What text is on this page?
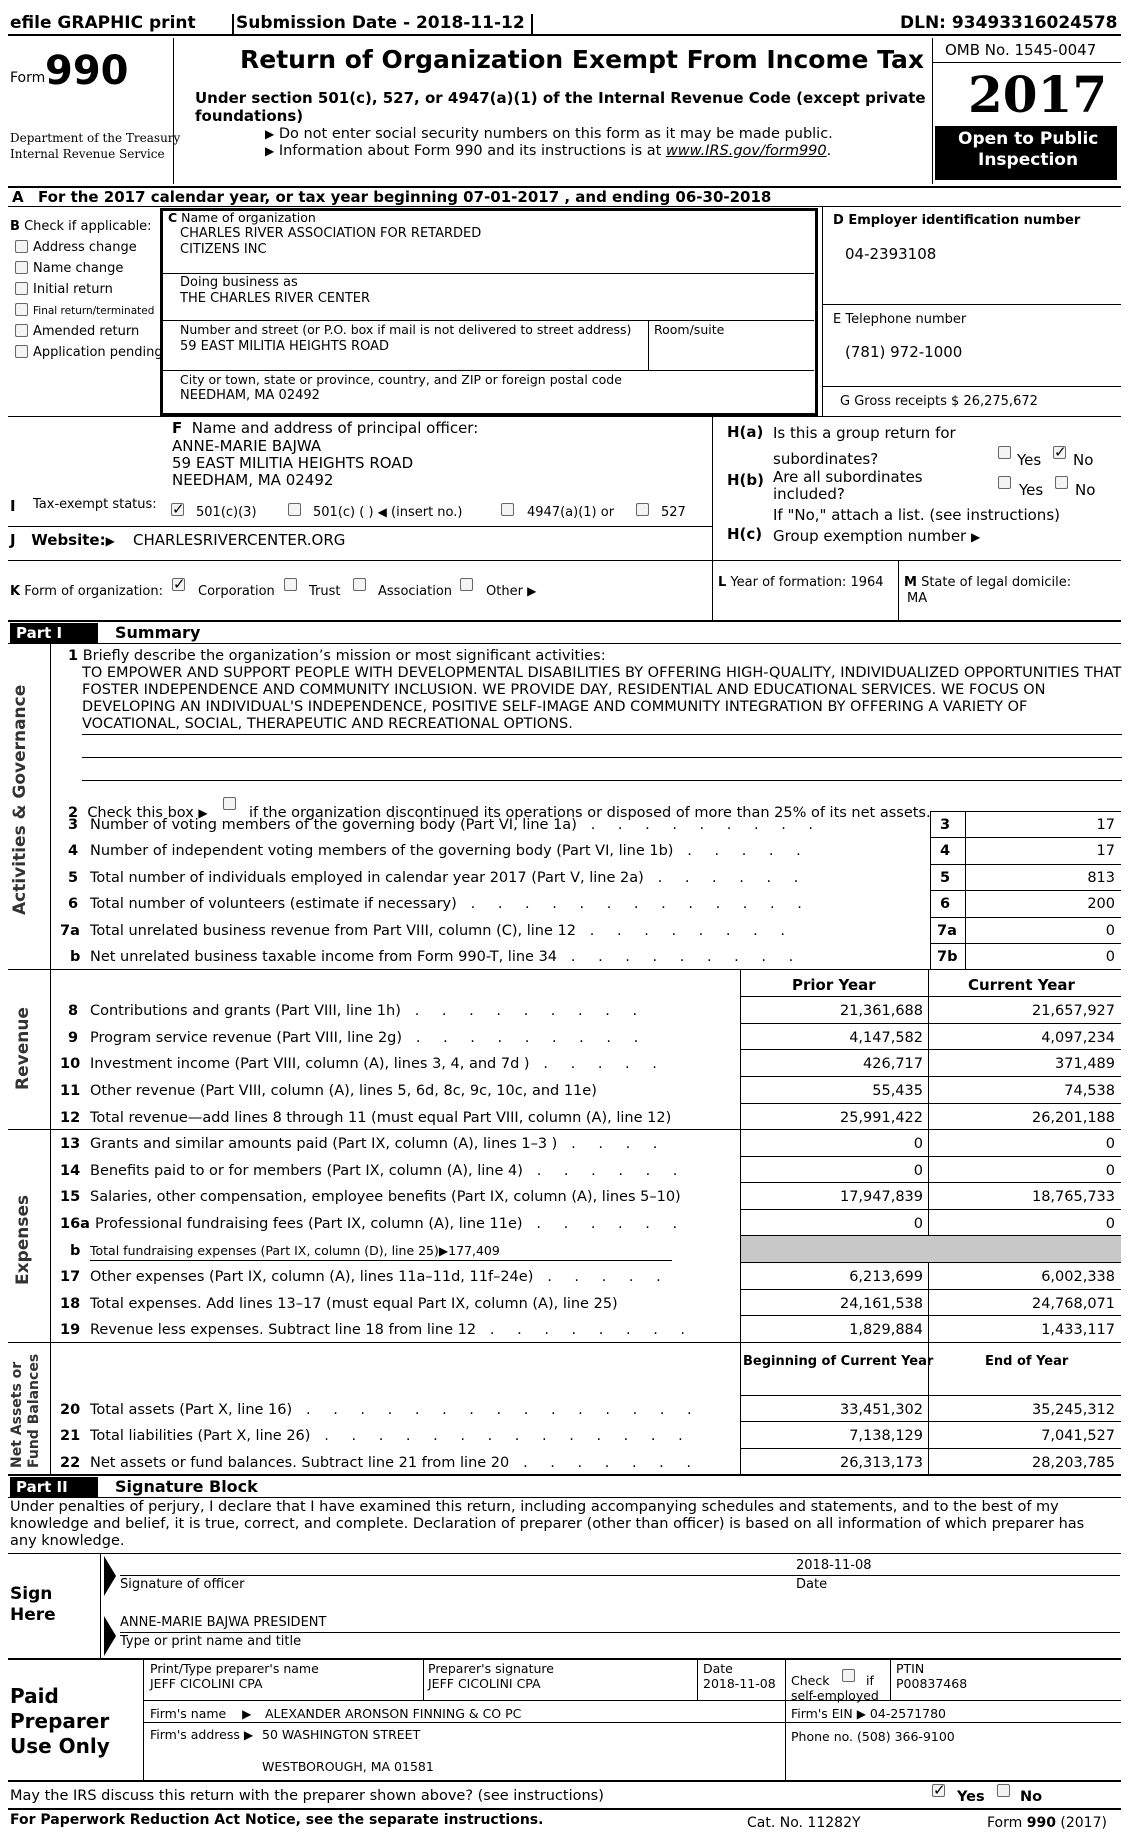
efile GRAPHIC print Submission Date - 2018-11-12	DLN: 93493316024578
Form 990
Department of the Treasury
Internal Revenue Service
Return of Organization Exempt From Income Tax
Under section 501(c), 527, or 4947(a)(1) of the Internal Revenue Code (except private
foundations)
▶ Do not enter social security numbers on this form as it may be made public.
▶ Information about Form 990 and its instructions is at www.IRS.gov/form990.
OMB No. 1545-0047
2017
Open to Public
Inspection
A For the 2017 calendar year, or tax year beginning 07-01-2017 , and ending 06-30-2018
B Check if applicable:
Address change
Name change
Initial return
Final return/terminated
Amended return
Application pending
C Name of organization
CHARLES RIVER ASSOCIATION FOR RETARDED
CITIZENS INC
Doing business as
THE CHARLES RIVER CENTER
Number and street (or P.O. box if mail is not delivered to street address) Room/suite
59 EAST MILITIA HEIGHTS ROAD
City or town, state or province, country, and ZIP or foreign postal code
NEEDHAM, MA 02492
D Employer identification number
04-2393108
E Telephone number
(781) 972-1000
G Gross receipts $ 26,275,672
F Name and address of principal officer:
ANNE-MARIE BAJWA
59 EAST MILITIA HEIGHTS ROAD
NEEDHAM, MA 02492
H(a) Is this a group return for
subordinates?	Yes ✓ No
H(b) Are all subordinates
included?	Yes No
If "No," attach a list. (see instructions)
H(c) Group exemption number ▶
I Tax-exempt status:
✓
501(c)(3)	501(c) ( ) ◀ (insert no.)	4947(a)(1) or	527
J Website:▶ CHARLESRIVERCENTER.ORG
K Form of organization: ✓	Corporation	Trust	Association	Other ▶
L Year of formation: 1964 M State of legal domicile:
MA
Part I	Summary
Activities & Governance
Revenue
Expenses
Net Assets or Fund Balances
1 Briefly describe the organization’s mission or most significant activities:
TO EMPOWER AND SUPPORT PEOPLE WITH DEVELOPMENTAL DISABILITIES BY OFFERING HIGH-QUALITY, INDIVIDUALIZED OPPORTUNITIES THAT FOSTER INDEPENDENCE AND COMMUNITY INCLUSION. WE PROVIDE DAY, RESIDENTIAL AND EDUCATIONAL SERVICES. WE FOCUS ON DEVELOPING AN INDIVIDUAL'S INDEPENDENCE, POSITIVE SELF-IMAGE AND COMMUNITY INTEGRATION BY OFFERING A VARIETY OF VOCATIONAL, SOCIAL, THERAPEUTIC AND RECREATIONAL OPTIONS.
2 Check this box ▶	if the organization discontinued its operations or disposed of more than 25% of its net assets.
3 Number of voting members of the governing body (Part VI, line 1a) . . . . . . . . .	3	17
4 Number of independent voting members of the governing body (Part VI, line 1b) . . . . .	4	17
5 Total number of individuals employed in calendar year 2017 (Part V, line 2a) . . . . . .	5	813
6 Total number of volunteers (estimate if necessary) . . . . . . . . . . . . .	6	200
7a Total unrelated business revenue from Part VIII, column (C), line 12 . . . . . . . .	7a	0
b Net unrelated business taxable income from Form 990-T, line 34 . . . . . . . . .	7b	0
Prior Year	Current Year
8 Contributions and grants (Part VIII, line 1h) . . . . . . . . .	21,361,688	21,657,927
9 Program service revenue (Part VIII, line 2g) . . . . . . . . .	4,147,582	4,097,234
10 Investment income (Part VIII, column (A), lines 3, 4, and 7d ) . . . . .	426,717	371,489
11 Other revenue (Part VIII, column (A), lines 5, 6d, 8c, 9c, 10c, and 11e)	55,435	74,538
12 Total revenue—add lines 8 through 11 (must equal Part VIII, column (A), line 12)	25,991,422	26,201,188
13 Grants and similar amounts paid (Part IX, column (A), lines 1–3 ) . . . .	0	0
14 Benefits paid to or for members (Part IX, column (A), line 4) . . . . . .	0	0
15 Salaries, other compensation, employee benefits (Part IX, column (A), lines 5–10)	17,947,839	18,765,733
16a Professional fundraising fees (Part IX, column (A), line 11e) . . . . . .	0	0
b Total fundraising expenses (Part IX, column (D), line 25)▶177,409
17 Other expenses (Part IX, column (A), lines 11a–11d, 11f–24e) . . . . .	6,213,699	6,002,338
18 Total expenses. Add lines 13–17 (must equal Part IX, column (A), line 25)	24,161,538	24,768,071
19 Revenue less expenses. Subtract line 18 from line 12 . . . . . . . .	1,829,884	1,433,117
Beginning of Current Year	End of Year
20 Total assets (Part X, line 16) . . . . . . . . . . . . . . .	33,451,302	35,245,312
21 Total liabilities (Part X, line 26) . . . . . . . . . . . . . .	7,138,129	7,041,527
22 Net assets or fund balances. Subtract line 21 from line 20 . . . . . . .	26,313,173	28,203,785
Part II	Signature Block
Under penalties of perjury, I declare that I have examined this return, including accompanying schedules and statements, and to the best of my knowledge and belief, it is true, correct, and complete. Declaration of preparer (other than officer) is based on all information of which preparer has any knowledge.
Sign
Here
2018-11-08
Signature of officer	Date
ANNE-MARIE BAJWA PRESIDENT
Type or print name and title
Paid
Preparer
Use Only
Print/Type preparer's name
JEFF CICOLINI CPA
Preparer's signature
JEFF CICOLINI CPA
Date
2018-11-08 Check	if
self-employed
PTIN
P00837468
Firm's name ▶ ALEXANDER ARONSON FINNING & CO PC	Firm's EIN ▶ 04-2571780
Firm's address ▶ 50 WASHINGTON STREET
WESTBOROUGH, MA 01581
Phone no. (508) 366-9100
May the IRS discuss this return with the preparer shown above? (see instructions) ✓	Yes No
For Paperwork Reduction Act Notice, see the separate instructions.	Cat. No. 11282Y	Form 990 (2017)
